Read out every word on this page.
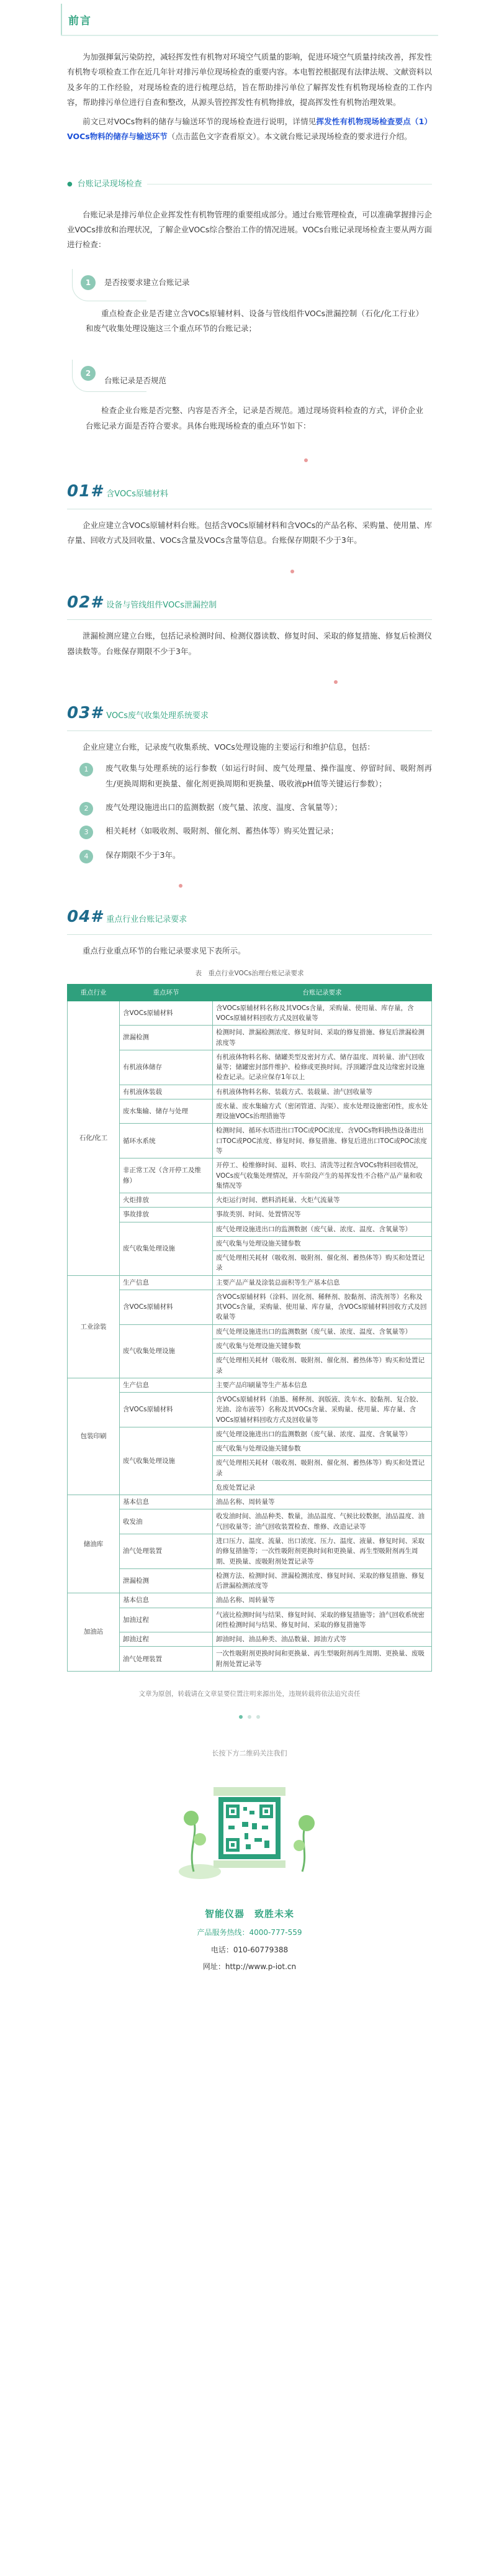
前言

为加强揮氣污染防控，减轻挥发性有机物对环境空气质量的影响，促进环境空气质量持续改善，挥发性有机物专项检查工作在近几年针对排污单位现场检查的重要内容。本电暂控根据现有法律法规、文献资料以及多年的工作经验，对现场检查的进行梳理总结，旨在帮助排污单位了解挥发性有机物现场检查的工作内容，帮助排污单位进行自查和整改，从源头管控挥发性有机物排放，提高挥发性有机物治理效果。

前文已对VOCs物料的储存与输送环节的现场检查进行说明，详情见挥发性有机物现场检查要点（1）VOCs物料的储存与输送环节（点击蓝色文字查看原文）。本文就台账记录现场检查的要求进行介绍。

● 台账记录现场检查

台账记录是排污单位企业挥发性有机物管理的重要组成部分。通过台账管理检查，可以准确掌握排污企业VOCs排放和治理状况，了解企业VOCs综合整治工作的情况进展。VOCs台账记录现场检查主要从两方面进行检查：

1	是否按要求建立台账记录

重点检查企业是否建立含VOCs原辅材料、设备与管线组件VOCs泄漏控制（石化/化工行业）和废气收集处理设施这三个重点环节的台账记录；

2
台账记录是否规范

检查企业台账是否完整、内容是否齐全，记录是否规范。通过现场资料检查的方式，评价企业台账记录方面是否符合要求。具体台账现场检查的重点环节如下：

01# 含VOCs原辅材料

企业应建立含VOCs原辅材料台账。包括含VOCs原辅材料和含VOCs的产品名称、采购量、使用量、库存量、回收方式及回收量、VOCs含量及VOCs含量等信息。台账保存期限不少于3年。

02# 设备与管线组件VOCs泄漏控制

泄漏检测应建立台账，包括记录检测时间、检测仪器读数、修复时间、采取的修复措施、修复后检测仪器读数等。台账保存期限不少于3年。

03# VOCs废气收集处理系统要求

企业应建立台账，记录废气收集系统、VOCs处理设施的主要运行和维护信息，包括：

1	废气收集与处理系统的运行参数（如运行时间、废气处理量、操作温度、停留时间、吸附剂再生/更换周期和更换量、催化剂更换周期和更换量、吸收液pH值等关键运行参数）；
2	废气处理设施进出口的监测数据（废气量、浓度、温度、含氧量等）；
3	相关耗材（如吸收剂、吸附剂、催化剂、蓄热体等）购买处置记录；
4	保存期限不少于3年。
04# 重点行业台账记录要求

重点行业重点环节的台账记录要求见下表所示。

表　重点行业VOCs治理台账记录要求
重点行业	重点环节	台账记录要求
石化/化工	含VOCs原辅材料	含VOCs原辅材料名称及其VOCs含量，采购量、使用量、库存量，含VOCs原辅材料回收方式及回收量等
	泄漏检测	检测时间、泄漏检测浓度、修复时间、采取的修复措施、修复后泄漏检测浓度等
	有机液体储存	有机液体物料名称、储罐类型及密封方式、储存温度、周转量、油气回收量等；储罐密封部件维护、检修或更换时间。浮顶罐浮盘及边缘密封设施检查记录。记录应保存1年以上
	有机液体装载	有机液体物料名称、装载方式、装载量、油气回收量等
	废水集输、储存与处理	废水量、废水集输方式（密闭管道、沟渠）、废水处理设施密闭性，废水处理设施VOCs治理措施等
	循环水系统	检测时间、循环水塔进出口TOC或POC浓度、含VOCs物料换热设备进出口TOC或POC浓度、修复时间、修复措施、修复后进出口TOC或POC浓度等
	非正常工况（含开停工及维修）	开停工、检维修时间、退料、吹扫、清洗等过程含VOCs物料回收情况，VOCs废气收集处理情况，开车阶段产生的易挥发性不合格产品产量和收集情况等
	火炬排放	火炬运行时间、燃料消耗量、火炬气流量等
	事故排放	事故类别、时间、处置情况等
	废气收集处理设施	废气处理设施进出口的监测数据（废气量、浓度、温度、含氧量等）
		废气收集与处理设施关键参数
		废气处理相关耗材（吸收剂、吸附剂、催化剂、蓄热体等）购买和处置记录
工业涂装	生产信息	主要产品产量及涂装总面积等生产基本信息
	含VOCs原辅材料	含VOCs原辅材料（涂料、固化剂、稀释剂、胶黏剂、清洗剂等）名称及其VOCs含量，采购量、使用量、库存量，含VOCs原辅材料回收方式及回收量等
	废气收集处理设施	废气处理设施进出口的监测数据（废气量、浓度、温度、含氧量等）
		废气收集与处理设施关键参数
		废气处理相关耗材（吸收剂、吸附剂、催化剂、蓄热体等）购买和处置记录
包装印刷	生产信息	主要产品印刷量等生产基本信息
	含VOCs原辅材料	含VOCs原辅材料（油墨、稀释剂、润版液、洗车水、胶黏剂、复合胶、光油、涂布液等）名称及其VOCs含量、采购量、使用量、库存量、含VOCs原辅材料回收方式及回收量等
	废气收集处理设施	废气处理设施进出口的监测数据（废气量、浓度、温度、含氧量等）
		废气收集与处理设施关键参数
		废气处理相关耗材（吸收剂、吸附剂、催化剂、蓄热体等）购买和处置记录
		危废处置记录
储油库	基本信息	油品名称、周转量等
	收发油	收发油时间、油品种类、数量，油品温度、气候比较数据，油品温度、油气回收量等；油气回收装置检查、维修、改造记录等
	油气处理装置	进口压力、温度、流量、出口浓度、压力、温度、液量、修复时间、采取的修复措施等；一次性吸附剂更换时间和更换量、再生型吸附剂再生周期、更换量、废吸附剂处置记录等
	泄漏检测	检测方法、检测时间、泄漏检测浓度、修复时间、采取的修复措施、修复后泄漏检测浓度等
加油站	基本信息	油品名称、周转量等
	加油过程	气液比检测时间与结果、修复时间、采取的修复措施等；油气回收系统密闭性检测时间与结果、修复时间、采取的修复措施等
	卸油过程	卸油时间、油品种类、油品数量、卸油方式等
	油气处理装置	一次性吸附剂更换时间和更换量、再生型吸附剂再生周期、更换量、废吸附剂处置记录等
文章为原创，转载请在文章显要位置注明来源出处，违规转载将依法追究责任
长按下方二维码关注我们
智能仪器　致胜未来
产品服务热线：4000-777-559
电话：010-60779388
网址：http://www.p-iot.cn
